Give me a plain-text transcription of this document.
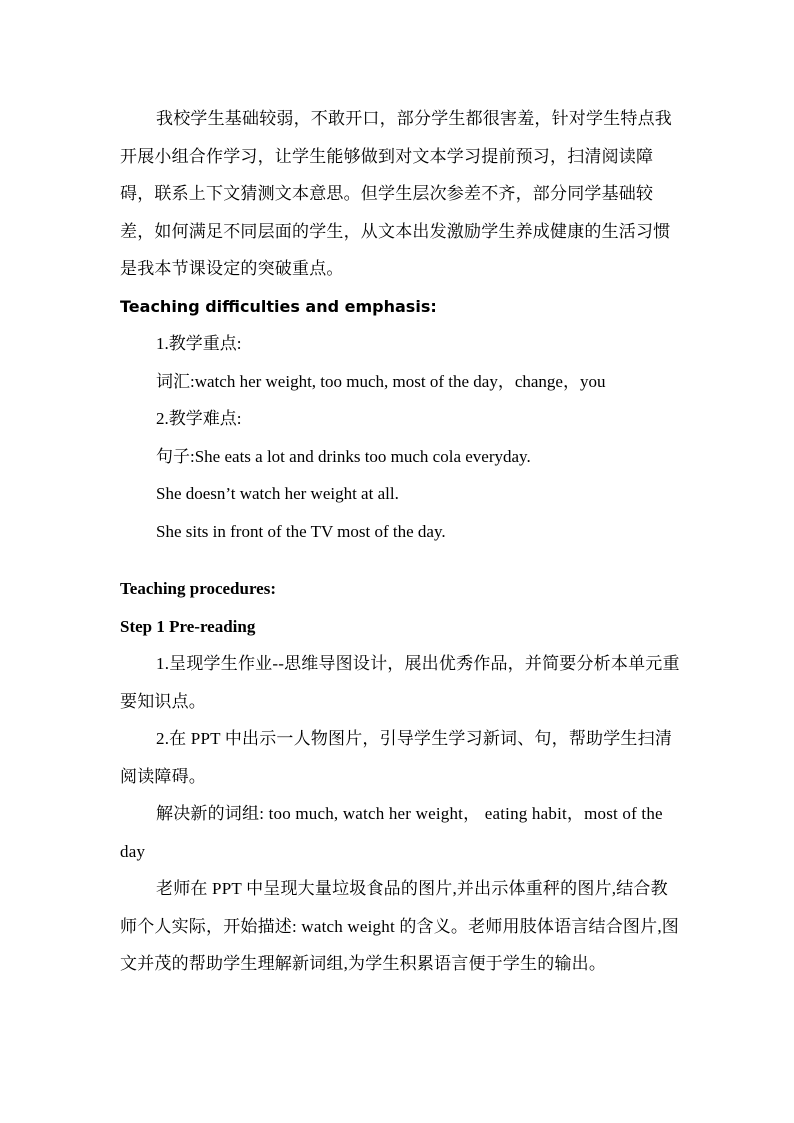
我校学生基础较弱，不敢开口，部分学生都很害羞，针对学生特点我开展小组合作学习，让学生能够做到对文本学习提前预习，扫清阅读障碍，联系上下文猜测文本意思。但学生层次参差不齐，部分同学基础较差，如何满足不同层面的学生，从文本出发激励学生养成健康的生活习惯是我本节课设定的突破重点。

Teaching difficulties and emphasis:

1.教学重点:

词汇:watch her weight, too much, most of the day，change，you

2.教学难点:

句子:She eats a lot and drinks too much cola everyday.

She doesn’t watch her weight at all.

She sits in front of the TV most of the day.

Teaching procedures:

Step 1 Pre-reading

1.呈现学生作业--思维导图设计，展出优秀作品，并简要分析本单元重要知识点。

2.在 PPT 中出示一人物图片，引导学生学习新词、句，帮助学生扫清阅读障碍。

解决新的词组: too much, watch her weight， eating habit，most of the day

老师在 PPT 中呈现大量垃圾食品的图片,并出示体重秤的图片,结合教师个人实际，开始描述: watch weight 的含义。老师用肢体语言结合图片,图文并茂的帮助学生理解新词组,为学生积累语言便于学生的输出。
